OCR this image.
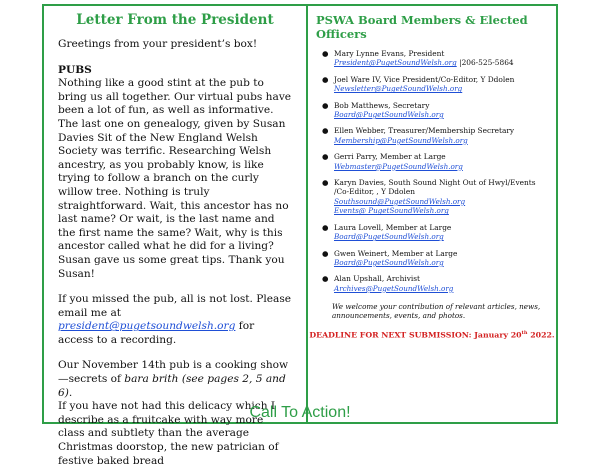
Letter From the President

Greetings from your president’s box!

PUBS
Nothing like a good stint at the pub to bring us all together. Our virtual pubs have been a lot of fun, as well as informative. The last one on genealogy, given by Susan Davies Sit of the New England Welsh Society was terrific. Researching Welsh ancestry, as you probably know, is like trying to follow a branch on the curly willow tree. Nothing is truly straightforward. Wait, this ancestor has no last name? Or wait, is the last name and the first name the same? Wait, why is this ancestor called what he did for a living? Susan gave us some great tips. Thank you Susan!

If you missed the pub, all is not lost. Please email me at president@pugetsoundwelsh.org for access to a recording.

Our November 14th pub is a cooking show—secrets of bara brith (see pages 2, 5 and 6).
If you have not had this delicacy which I describe as a fruitcake with way more class and subtlety than the average Christmas doorstop, the new patrician of festive baked bread

PSWA Board Members & Elected Officers
● Mary Lynne Evans, President
President@PugetSoundWelsh.org |206-525-5864
● Joel Ware IV, Vice President/Co-Editor, Y Ddolen
Newsletter@PugetSoundWelsh.org
● Bob Matthews, Secretary
Board@PugetSoundWelsh.org
● Ellen Webber, Treasurer/Membership Secretary
Membership@PugetSoundWelsh.org
● Gerri Parry, Member at Large
Webmaster@PugetSoundWelsh.org
● Karyn Davies, South Sound Night Out of Hwyl/Events /Co-Editor, , Y Ddolen
Southsound@PugetSoundWelsh.org
Events@ PugetSoundWelsh.org
● Laura Lovell, Member at Large
Board@PugetSoundWelsh.org
● Gwen Weinert, Member at Large
Board@PugetSoundWelsh.org
● Alan Upshall, Archivist
Archives@PugetSoundWelsh.org

We welcome your contribution of relevant articles, news, announcements, events, and photos.

DEADLINE FOR NEXT SUBMISSION: January 20th 2022.

Call To Action!
